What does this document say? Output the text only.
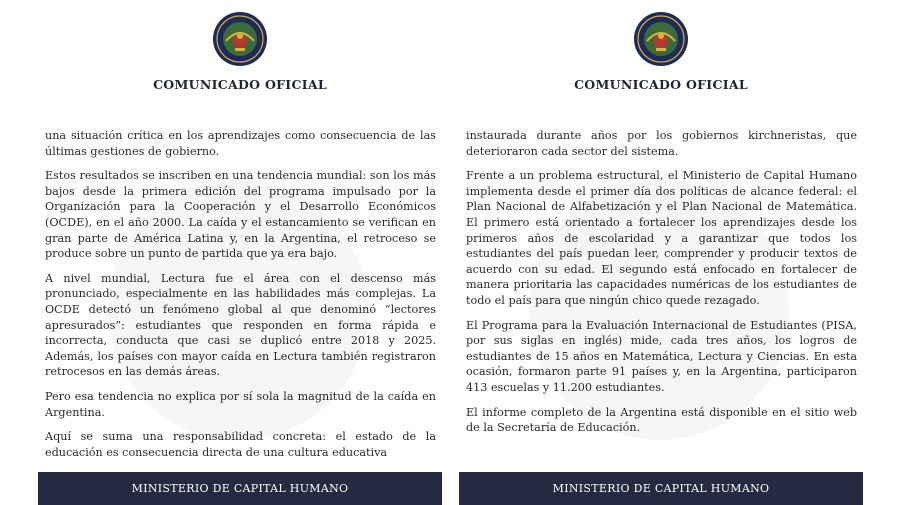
COMUNICADO OFICIAL

una situación crítica en los aprendizajes como consecuencia de las últimas gestiones de gobierno.

Estos resultados se inscriben en una tendencia mundial: son los más bajos desde la primera edición del programa impulsado por la Organización para la Cooperación y el Desarrollo Económicos (OCDE), en el año 2000. La caída y el estancamiento se verifican en gran parte de América Latina y, en la Argentina, el retroceso se produce sobre un punto de partida que ya era bajo.

A nivel mundial, Lectura fue el área con el descenso más pronunciado, especialmente en las habilidades más complejas. La OCDE detectó un fenómeno global al que denominó “lectores apresurados”: estudiantes que responden en forma rápida e incorrecta, conducta que casi se duplicó entre 2018 y 2025. Además, los países con mayor caída en Lectura también registraron retrocesos en las demás áreas.

Pero esa tendencia no explica por sí sola la magnitud de la caída en Argentina.

Aquí se suma una responsabilidad concreta: el estado de la educación es consecuencia directa de una cultura educativa

MINISTERIO DE CAPITAL HUMANO
COMUNICADO OFICIAL

instaurada durante años por los gobiernos kirchneristas, que deterioraron cada sector del sistema.

Frente a un problema estructural, el Ministerio de Capital Humano implementa desde el primer día dos políticas de alcance federal: el Plan Nacional de Alfabetización y el Plan Nacional de Matemática. El primero está orientado a fortalecer los aprendizajes desde los primeros años de escolaridad y a garantizar que todos los estudiantes del país puedan leer, comprender y producir textos de acuerdo con su edad. El segundo está enfocado en fortalecer de manera prioritaria las capacidades numéricas de los estudiantes de todo el país para que ningún chico quede rezagado.

El Programa para la Evaluación Internacional de Estudiantes (PISA, por sus siglas en inglés) mide, cada tres años, los logros de estudiantes de 15 años en Matemática, Lectura y Ciencias. En esta ocasión, formaron parte 91 países y, en la Argentina, participaron 413 escuelas y 11.200 estudiantes.

El informe completo de la Argentina está disponible en el sitio web de la Secretaría de Educación.

MINISTERIO DE CAPITAL HUMANO
